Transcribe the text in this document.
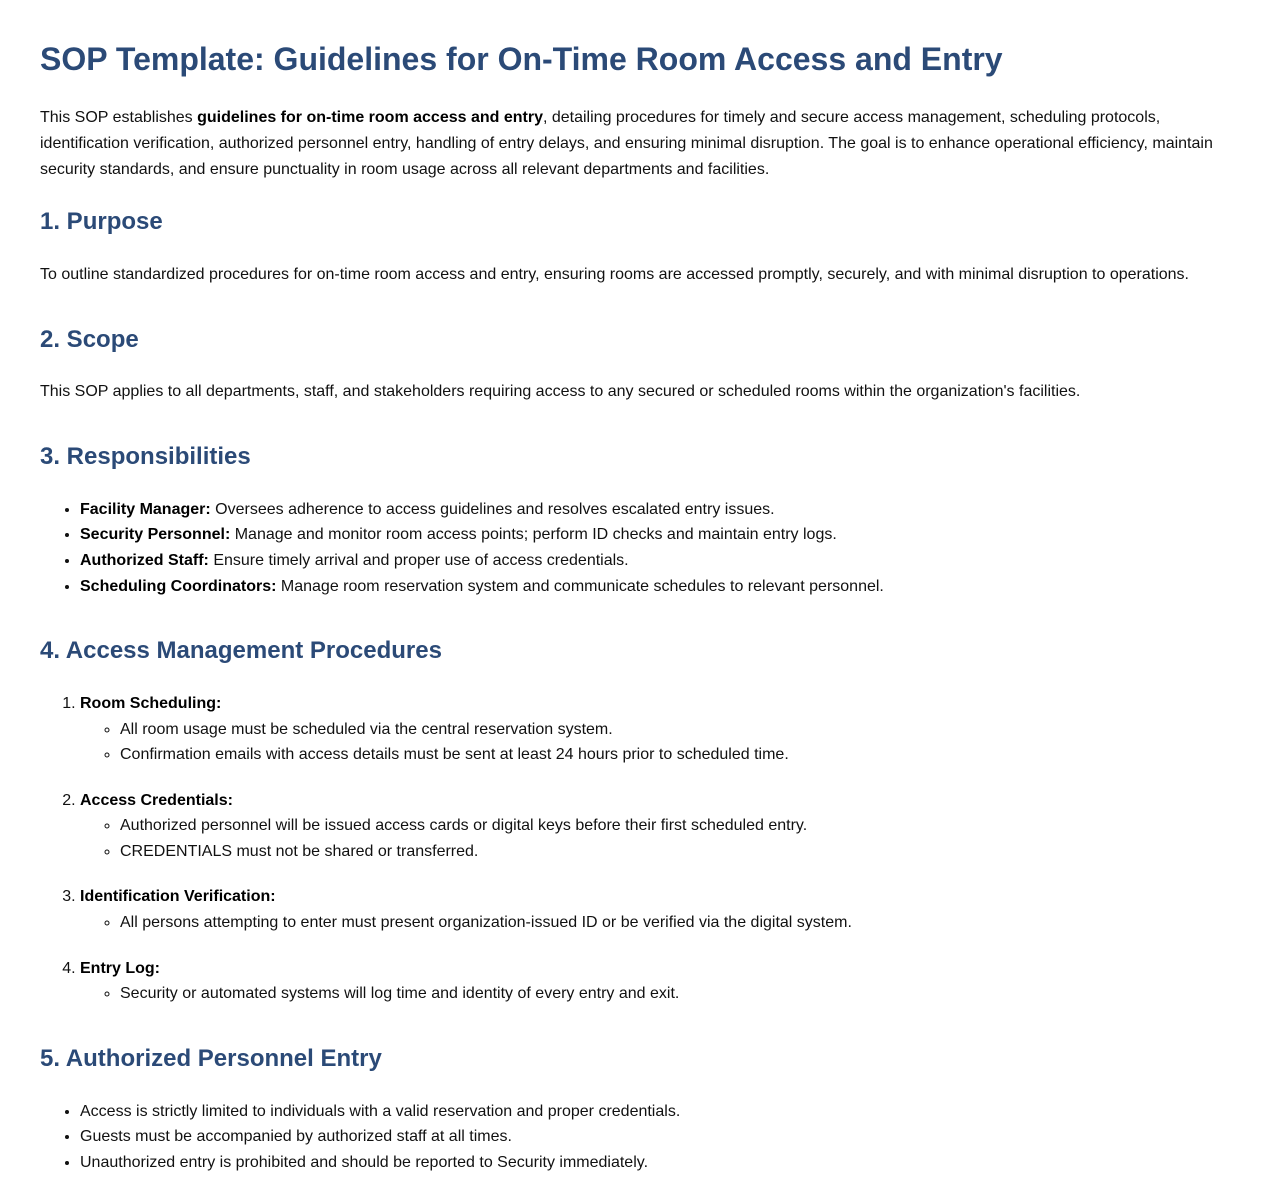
SOP Template: Guidelines for On-Time Room Access and Entry

This SOP establishes guidelines for on-time room access and entry, detailing procedures for timely and secure access management, scheduling protocols, identification verification, authorized personnel entry, handling of entry delays, and ensuring minimal disruption. The goal is to enhance operational efficiency, maintain security standards, and ensure punctuality in room usage across all relevant departments and facilities.

1. Purpose

To outline standardized procedures for on-time room access and entry, ensuring rooms are accessed promptly, securely, and with minimal disruption to operations.

2. Scope

This SOP applies to all departments, staff, and stakeholders requiring access to any secured or scheduled rooms within the organization's facilities.

3. Responsibilities
• Facility Manager: Oversees adherence to access guidelines and resolves escalated entry issues.
• Security Personnel: Manage and monitor room access points; perform ID checks and maintain entry logs.
• Authorized Staff: Ensure timely arrival and proper use of access credentials.
• Scheduling Coordinators: Manage room reservation system and communicate schedules to relevant personnel.
4. Access Management Procedures
1. Room Scheduling:
◦ All room usage must be scheduled via the central reservation system.
◦ Confirmation emails with access details must be sent at least 24 hours prior to scheduled time.
2. Access Credentials:
◦ Authorized personnel will be issued access cards or digital keys before their first scheduled entry.
◦ CREDENTIALS must not be shared or transferred.
3. Identification Verification:
◦ All persons attempting to enter must present organization-issued ID or be verified via the digital system.
4. Entry Log:
◦ Security or automated systems will log time and identity of every entry and exit.
5. Authorized Personnel Entry
• Access is strictly limited to individuals with a valid reservation and proper credentials.
• Guests must be accompanied by authorized staff at all times.
• Unauthorized entry is prohibited and should be reported to Security immediately.
